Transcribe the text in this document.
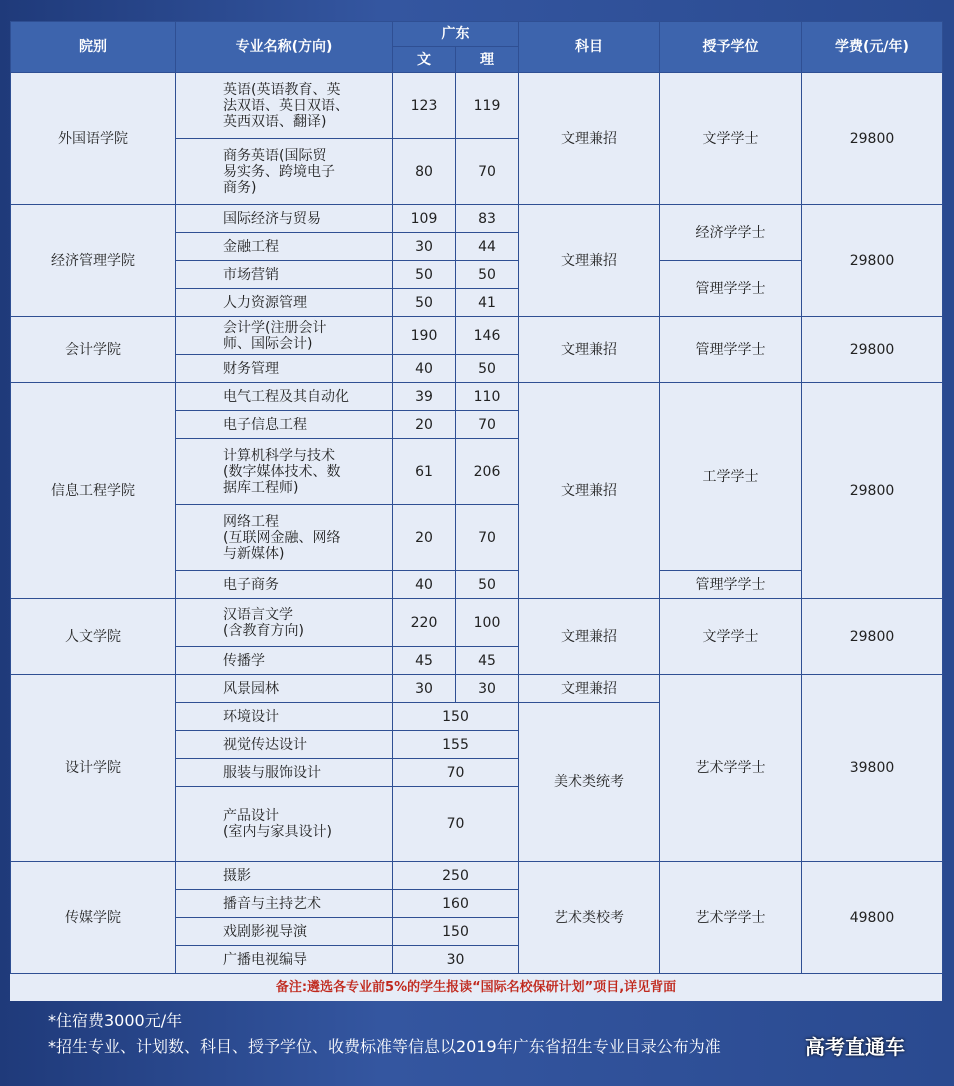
院别	专业名称(方向)	广东		科目	授予学位	学费(元/年)
		文	理			
外国语学院	英语(英语教育、英
法双语、英日双语、
英西双语、翻译)	123	119	文理兼招	文学学士	29800
	商务英语(国际贸
易实务、跨境电子
商务)	80	70			
经济管理学院	国际经济与贸易	109	83	文理兼招	经济学学士	29800
	金融工程	30	44			
	市场营销	50	50		管理学学士	
	人力资源管理	50	41			
会计学院	会计学(注册会计
师、国际会计)	190	146	文理兼招	管理学学士	29800
	财务管理	40	50			
信息工程学院	电气工程及其自动化	39	110	文理兼招	工学学士	29800
	电子信息工程	20	70			
	计算机科学与技术
(数字媒体技术、数
据库工程师)	61	206			
	网络工程
(互联网金融、网络
与新媒体)	20	70			
	电子商务	40	50		管理学学士	
人文学院	汉语言文学
(含教育方向)	220	100	文理兼招	文学学士	29800
	传播学	45	45			
设计学院	风景园林	30	30	文理兼招	艺术学学士	39800
	环境设计	150		美术类统考		
	视觉传达设计	155				
	服装与服饰设计	70				
	产品设计
(室内与家具设计)	70				
传媒学院	摄影	250		艺术类校考	艺术学学士	49800
	播音与主持艺术	160				
	戏剧影视导演	150				
	广播电视编导	30				
备注:遴选各专业前5%的学生报读“国际名校保研计划”项目,详见背面
*住宿费3000元/年
*招生专业、计划数、科目、授予学位、收费标准等信息以2019年广东省招生专业目录公布为准	高考直通车
